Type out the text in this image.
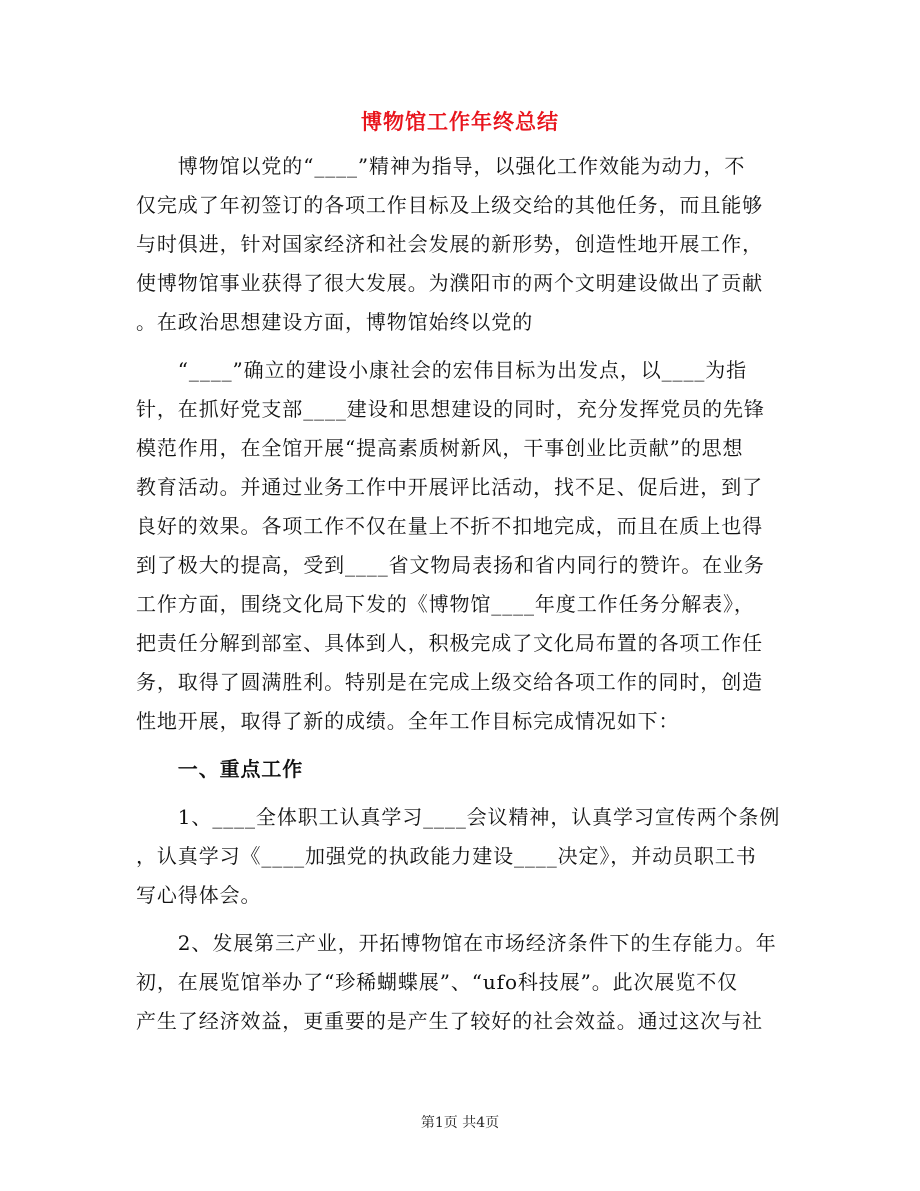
博物馆工作年终总结
　　博物馆以党的“____”精神为指导，以强化工作效能为动力，不
仅完成了年初签订的各项工作目标及上级交给的其他任务，而且能够
与时俱进，针对国家经济和社会发展的新形势，创造性地开展工作，
使博物馆事业获得了很大发展。为濮阳市的两个文明建设做出了贡献
。在政治思想建设方面，博物馆始终以党的
　　“____”确立的建设小康社会的宏伟目标为出发点，以____为指
针，在抓好党支部____建设和思想建设的同时，充分发挥党员的先锋
模范作用，在全馆开展“提高素质树新风，干事创业比贡献”的思想
教育活动。并通过业务工作中开展评比活动，找不足、促后进，到了
良好的效果。各项工作不仅在量上不折不扣地完成，而且在质上也得
到了极大的提高，受到____省文物局表扬和省内同行的赞许。在业务
工作方面，围绕文化局下发的《博物馆____年度工作任务分解表》，
把责任分解到部室、具体到人，积极完成了文化局布置的各项工作任
务，取得了圆满胜利。特别是在完成上级交给各项工作的同时，创造
性地开展，取得了新的成绩。全年工作目标完成情况如下：
　　一、重点工作
　　1、____全体职工认真学习____会议精神，认真学习宣传两个条例
，认真学习《____加强党的执政能力建设____决定》，并动员职工书
写心得体会。
　　2、发展第三产业，开拓博物馆在市场经济条件下的生存能力。年
初，在展览馆举办了“珍稀蝴蝶展”、“ufo科技展”。此次展览不仅
产生了经济效益，更重要的是产生了较好的社会效益。通过这次与社
第1页 共4页
